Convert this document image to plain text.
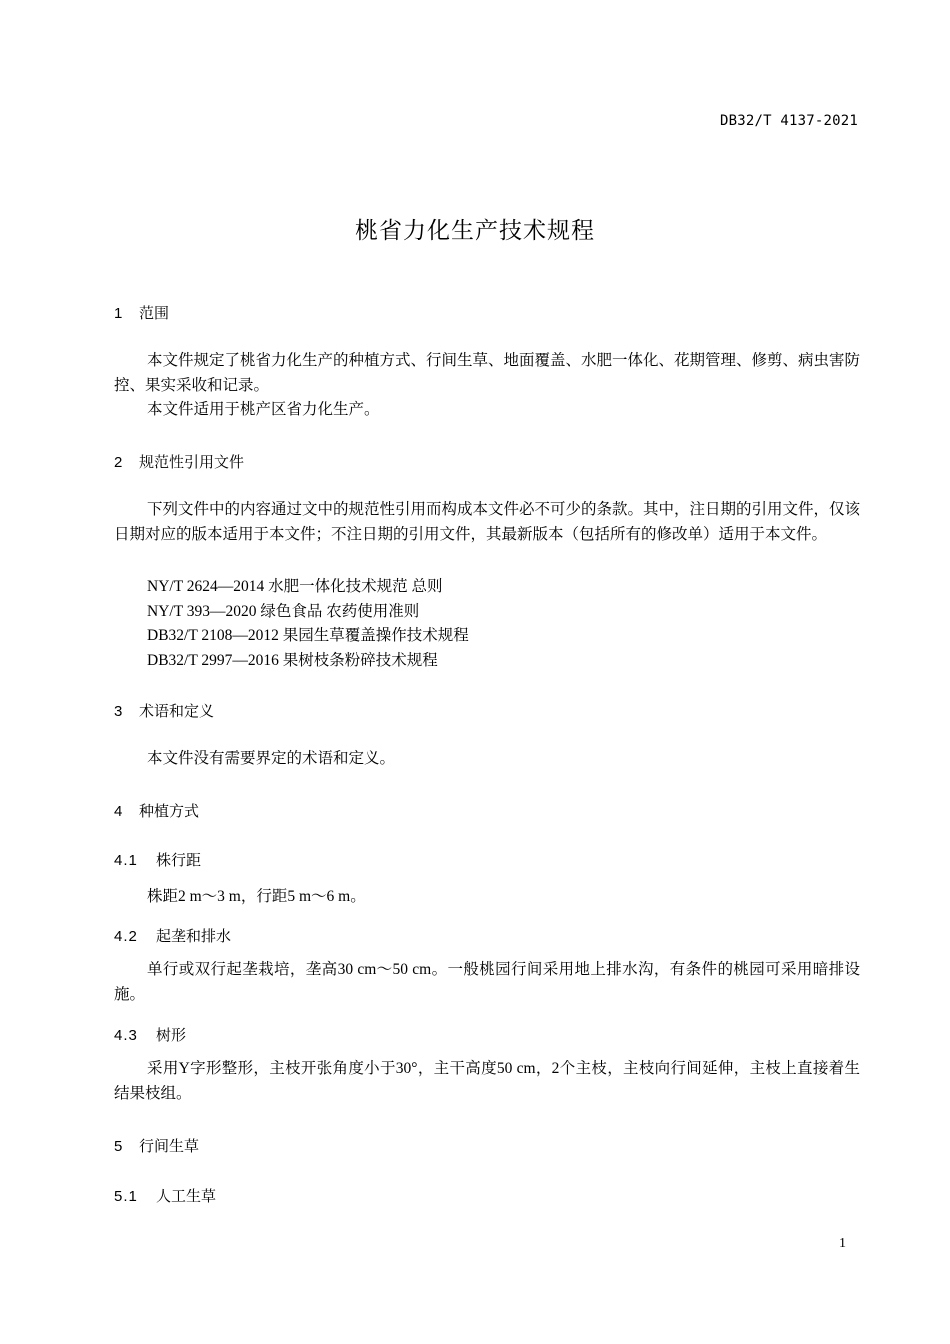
DB32/T 4137-2021
桃省力化生产技术规程
1 范围
本文件规定了桃省力化生产的种植方式、行间生草、地面覆盖、水肥一体化、花期管理、修剪、病虫害防控、果实采收和记录。
本文件适用于桃产区省力化生产。
2 规范性引用文件
下列文件中的内容通过文中的规范性引用而构成本文件必不可少的条款。其中，注日期的引用文件，仅该日期对应的版本适用于本文件；不注日期的引用文件，其最新版本（包括所有的修改单）适用于本文件。
NY/T 2624—2014 水肥一体化技术规范 总则
NY/T 393—2020 绿色食品 农药使用准则
DB32/T 2108—2012 果园生草覆盖操作技术规程
DB32/T 2997—2016 果树枝条粉碎技术规程
3 术语和定义
本文件没有需要界定的术语和定义。
4 种植方式
4.1 株行距
株距2 m～3 m，行距5 m～6 m。
4.2 起垄和排水
单行或双行起垄栽培，垄高30 cm～50 cm。一般桃园行间采用地上排水沟，有条件的桃园可采用暗排设施。
4.3 树形
采用Y字形整形，主枝开张角度小于30°，主干高度50 cm，2个主枝，主枝向行间延伸，主枝上直接着生结果枝组。
5 行间生草
5.1 人工生草
1
